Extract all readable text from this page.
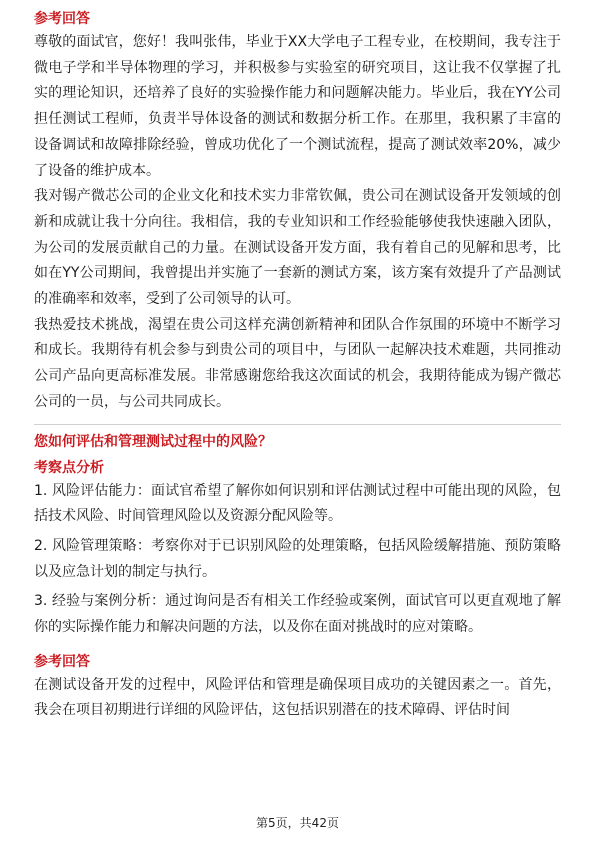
参考回答

尊敬的面试官，您好！我叫张伟，毕业于XX大学电子工程专业，在校期间，我专注于微电子学和半导体物理的学习，并积极参与实验室的研究项目，这让我不仅掌握了扎实的理论知识，还培养了良好的实验操作能力和问题解决能力。毕业后，我在YY公司担任测试工程师，负责半导体设备的测试和数据分析工作。在那里，我积累了丰富的设备调试和故障排除经验，曾成功优化了一个测试流程，提高了测试效率20%，减少了设备的维护成本。

我对锡产微芯公司的企业文化和技术实力非常钦佩，贵公司在测试设备开发领域的创新和成就让我十分向往。我相信，我的专业知识和工作经验能够使我快速融入团队，为公司的发展贡献自己的力量。在测试设备开发方面，我有着自己的见解和思考，比如在YY公司期间，我曾提出并实施了一套新的测试方案，该方案有效提升了产品测试的准确率和效率，受到了公司领导的认可。

我热爱技术挑战，渴望在贵公司这样充满创新精神和团队合作氛围的环境中不断学习和成长。我期待有机会参与到贵公司的项目中，与团队一起解决技术难题，共同推动公司产品向更高标准发展。非常感谢您给我这次面试的机会，我期待能成为锡产微芯公司的一员，与公司共同成长。

您如何评估和管理测试过程中的风险？

考察点分析

1. 风险评估能力：面试官希望了解你如何识别和评估测试过程中可能出现的风险，包括技术风险、时间管理风险以及资源分配风险等。

2. 风险管理策略：考察你对于已识别风险的处理策略，包括风险缓解措施、预防策略以及应急计划的制定与执行。

3. 经验与案例分析：通过询问是否有相关工作经验或案例，面试官可以更直观地了解你的实际操作能力和解决问题的方法，以及你在面对挑战时的应对策略。

参考回答

在测试设备开发的过程中，风险评估和管理是确保项目成功的关键因素之一。首先，我会在项目初期进行详细的风险评估，这包括识别潜在的技术障碍、评估时间

第5页，共42页
